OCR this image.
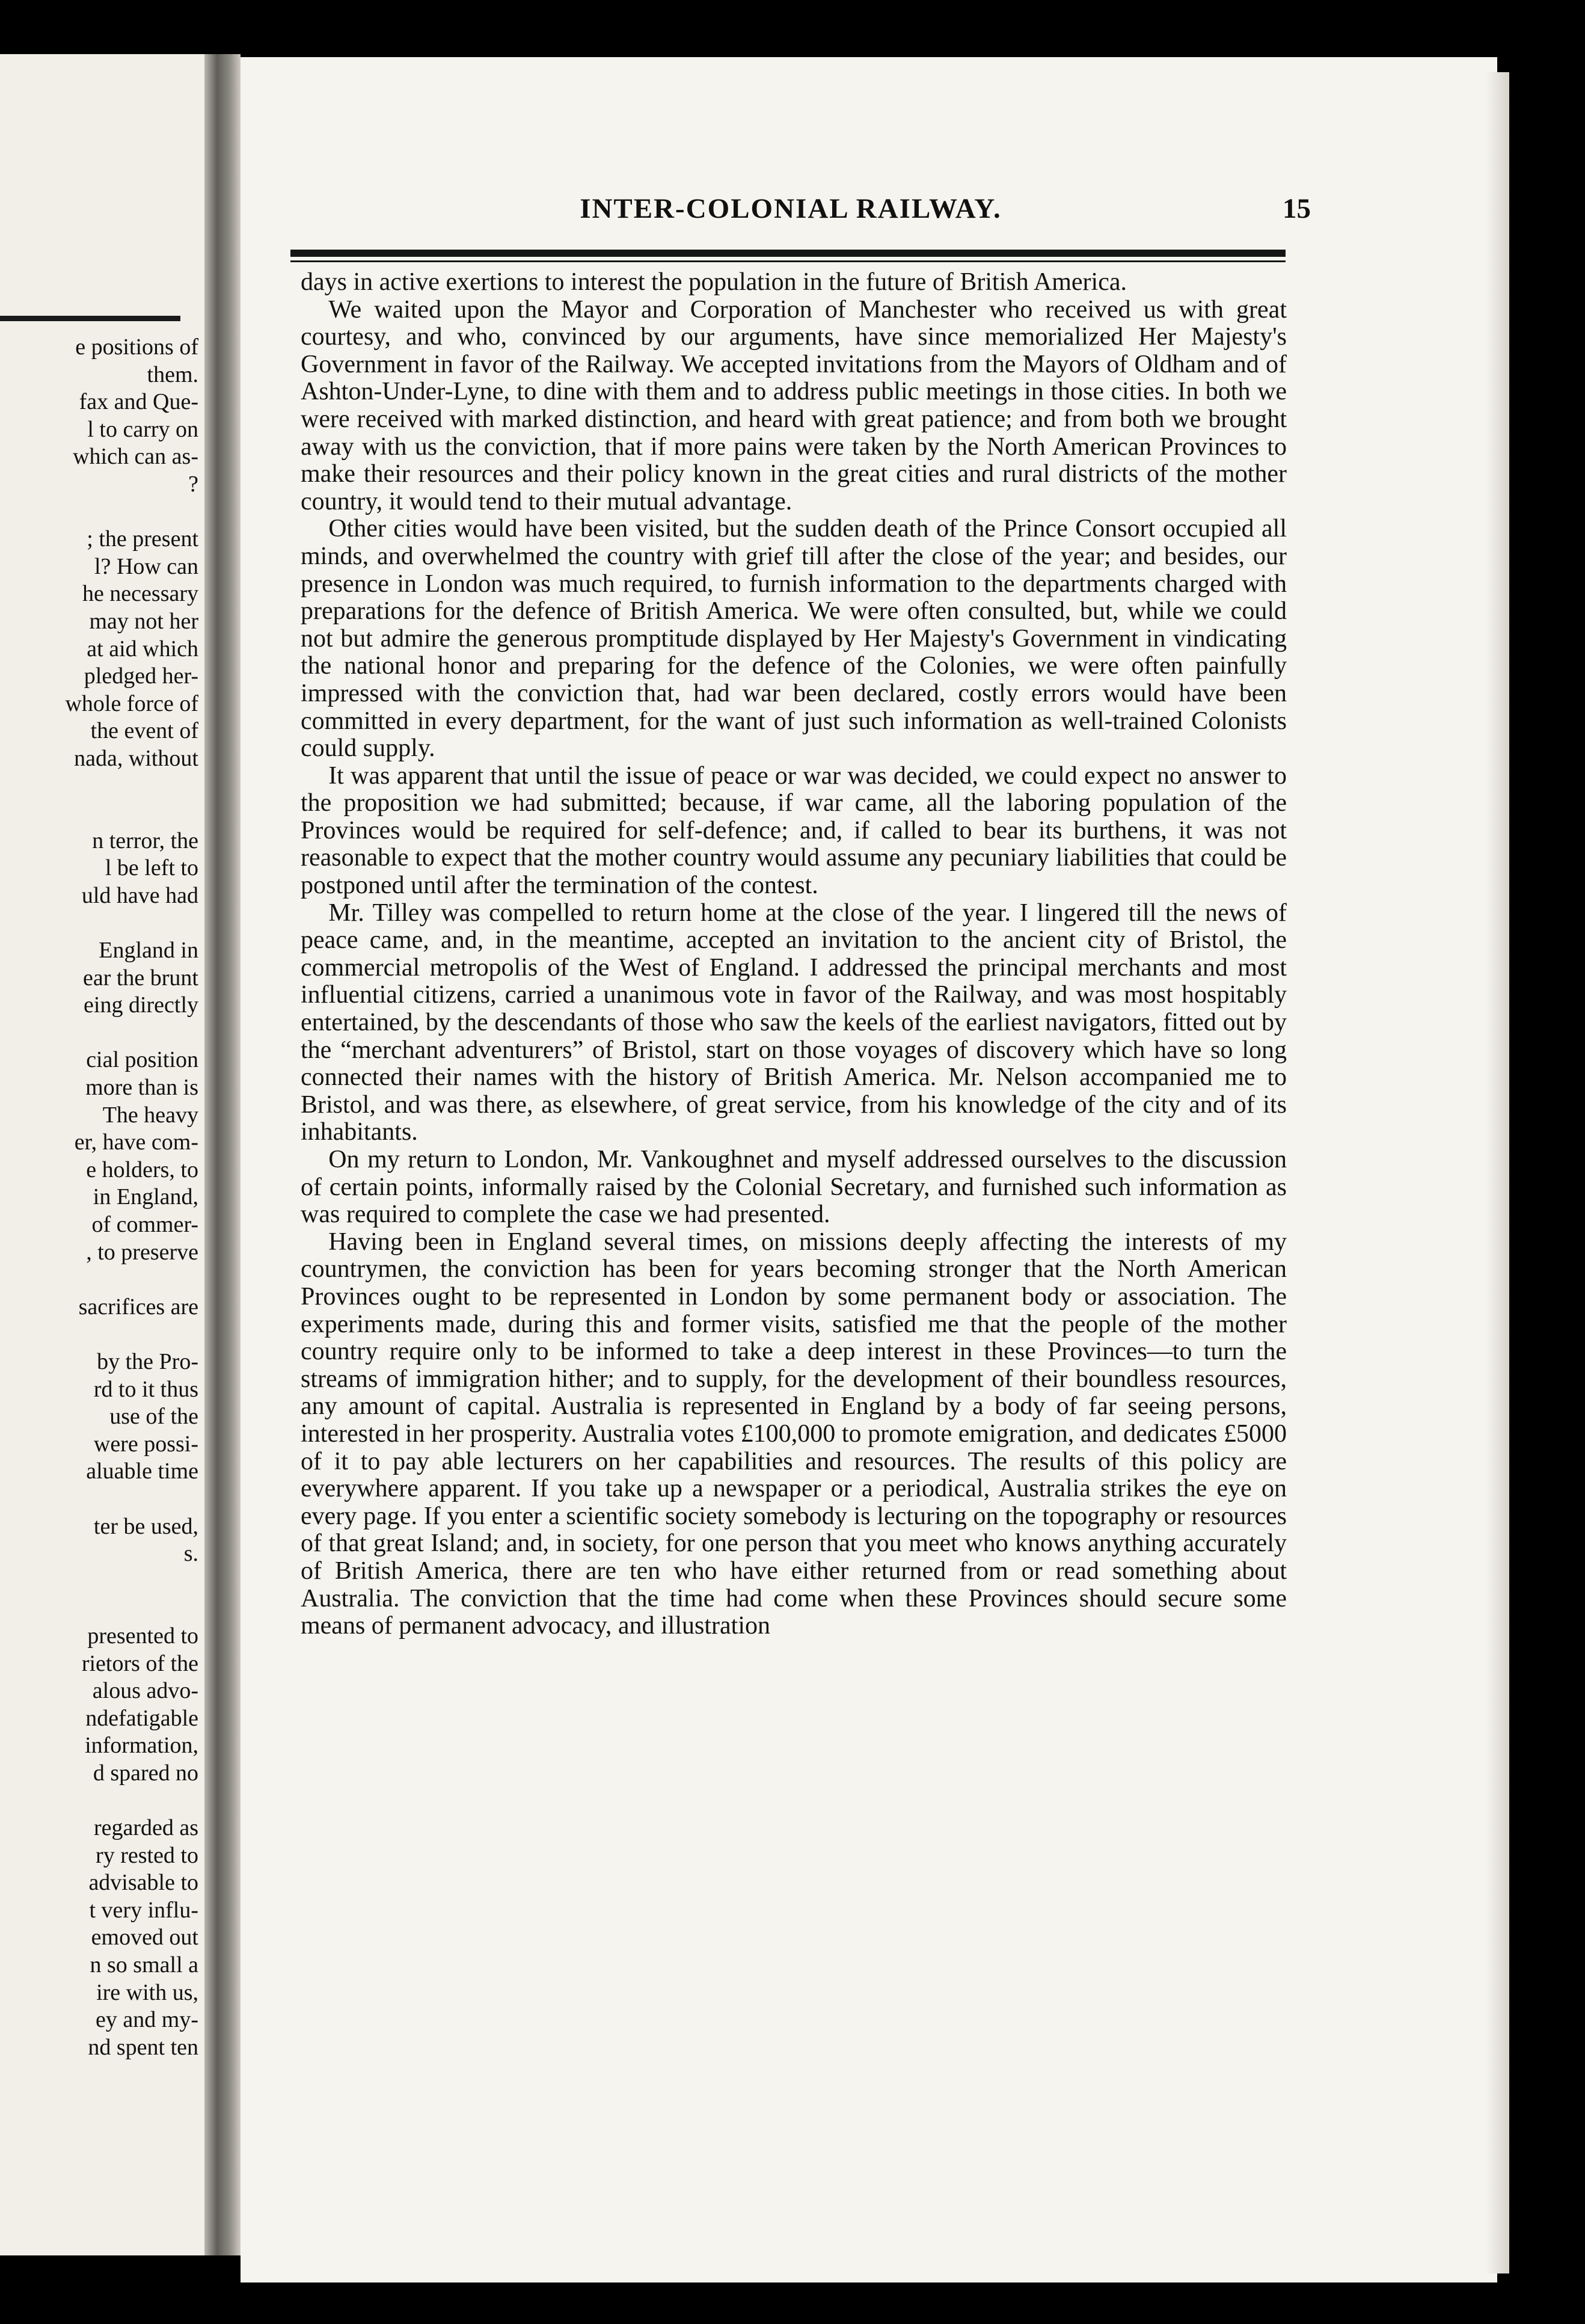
e positions of
them.
fax and Que-
l to carry on
which can as-
?
; the present
l? How can
he necessary
may not her
at aid which
pledged her-
whole force of
the event of
nada, without
n terror, the
l be left to
uld have had
England in
ear the brunt
eing directly
cial position
more than is
The heavy
er, have com-
e holders, to
in England,
of commer-
, to preserve
sacrifices are
by the Pro-
rd to it thus
use of the
were possi-
aluable time
ter be used,
s.
presented to
rietors of the
alous advo-
ndefatigable
information,
d spared no
regarded as
ry rested to
advisable to
t very influ-
emoved out
n so small a
ire with us,
ey and my-
nd spent ten
INTER-COLONIAL RAILWAY.	15

days in active exertions to interest the population in the future of British America.

We waited upon the Mayor and Corporation of Manchester who received us with great courtesy, and who, convinced by our arguments, have since memorialized Her Majesty's Government in favor of the Railway. We accepted invitations from the Mayors of Oldham and of Ashton-Under-Lyne, to dine with them and to address public meetings in those cities. In both we were received with marked distinction, and heard with great patience; and from both we brought away with us the conviction, that if more pains were taken by the North American Provinces to make their resources and their policy known in the great cities and rural districts of the mother country, it would tend to their mutual advantage.

Other cities would have been visited, but the sudden death of the Prince Consort occupied all minds, and overwhelmed the country with grief till after the close of the year; and besides, our presence in London was much required, to furnish information to the departments charged with preparations for the defence of British America. We were often consulted, but, while we could not but admire the generous promptitude displayed by Her Majesty's Government in vindicating the national honor and preparing for the defence of the Colonies, we were often painfully impressed with the conviction that, had war been declared, costly errors would have been committed in every department, for the want of just such information as well-trained Colonists could supply.

It was apparent that until the issue of peace or war was decided, we could expect no answer to the proposition we had submitted; because, if war came, all the laboring population of the Provinces would be required for self-defence; and, if called to bear its burthens, it was not reasonable to expect that the mother country would assume any pecuniary liabilities that could be postponed until after the termination of the contest.

Mr. Tilley was compelled to return home at the close of the year. I lingered till the news of peace came, and, in the meantime, accepted an invitation to the ancient city of Bristol, the commercial metropolis of the West of England. I addressed the principal merchants and most influential citizens, carried a unanimous vote in favor of the Railway, and was most hospitably entertained, by the descendants of those who saw the keels of the earliest navigators, fitted out by the “merchant adventurers” of Bristol, start on those voyages of discovery which have so long connected their names with the history of British America. Mr. Nelson accompanied me to Bristol, and was there, as elsewhere, of great service, from his knowledge of the city and of its inhabitants.

On my return to London, Mr. Vankoughnet and myself addressed ourselves to the discussion of certain points, informally raised by the Colonial Secretary, and furnished such information as was required to complete the case we had presented.

Having been in England several times, on missions deeply affecting the interests of my countrymen, the conviction has been for years becoming stronger that the North American Provinces ought to be represented in London by some permanent body or association. The experiments made, during this and former visits, satisfied me that the people of the mother country require only to be informed to take a deep interest in these Provinces—to turn the streams of immigration hither; and to supply, for the development of their boundless resources, any amount of capital. Australia is represented in England by a body of far seeing persons, interested in her prosperity. Australia votes £100,000 to promote emigration, and dedicates £5000 of it to pay able lecturers on her capabilities and resources. The results of this policy are everywhere apparent. If you take up a newspaper or a periodical, Australia strikes the eye on every page. If you enter a scientific society somebody is lecturing on the topography or resources of that great Island; and, in society, for one person that you meet who knows anything accurately of British America, there are ten who have either returned from or read something about Australia. The conviction that the time had come when these Provinces should secure some means of permanent advocacy, and illustration
